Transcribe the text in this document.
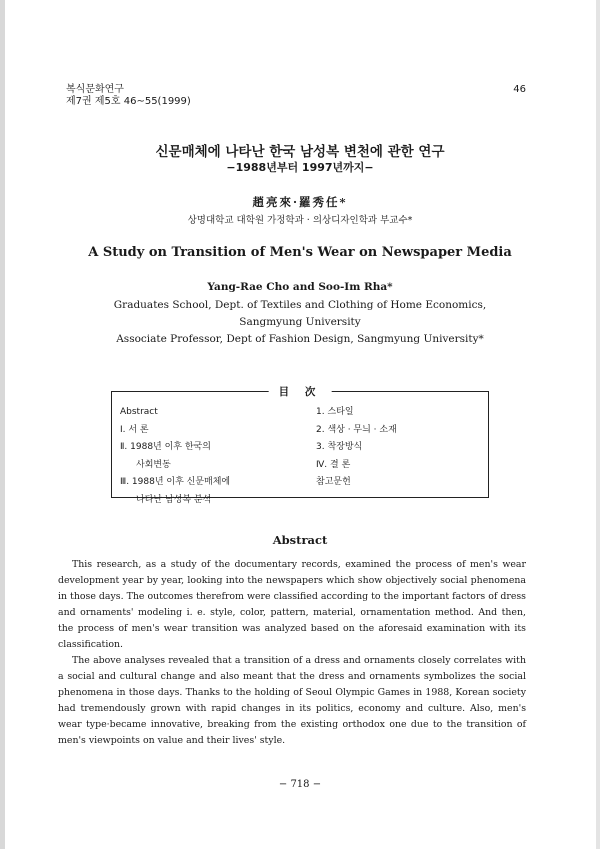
복식문화연구
제7권 제5호 46∼55(1999)
46
신문매체에 나타난 한국 남성복 변천에 관한 연구
−1988년부터 1997년까지−
趙亮來·羅秀任*
상명대학교 대학원 가정학과 · 의상디자인학과 부교수*
A Study on Transition of Men's Wear on Newspaper Media
Yang-Rae Cho and Soo-Im Rha*
Graduates School, Dept. of Textiles and Clothing of Home Economics,
Sangmyung University
Associate Professor, Dept of Fashion Design, Sangmyung University*
目 次
Abstract
Ⅰ. 서 론
Ⅱ. 1988년 이후 한국의
사회변동
Ⅲ. 1988년 이후 신문매체에
나타난 남성복 분석
1. 스타일
2. 색상 · 무늬 · 소재
3. 착장방식
Ⅳ. 결 론
참고문헌
Abstract

This research, as a study of the documentary records, examined the process of men's wear development year by year, looking into the newspapers which show objectively social phenomena in those days. The outcomes therefrom were classified according to the important factors of dress and ornaments' modeling i. e. style, color, pattern, material, ornamentation method. And then, the process of men's wear transition was analyzed based on the aforesaid examination with its classification.

The above analyses revealed that a transition of a dress and ornaments closely correlates with a social and cultural change and also meant that the dress and ornaments symbolizes the social phenomena in those days. Thanks to the holding of Seoul Olympic Games in 1988, Korean society had tremendously grown with rapid changes in its politics, economy and culture. Also, men's wear type·became innovative, breaking from the existing orthodox one due to the transition of men's viewpoints on value and their lives' style.

− 718 −
